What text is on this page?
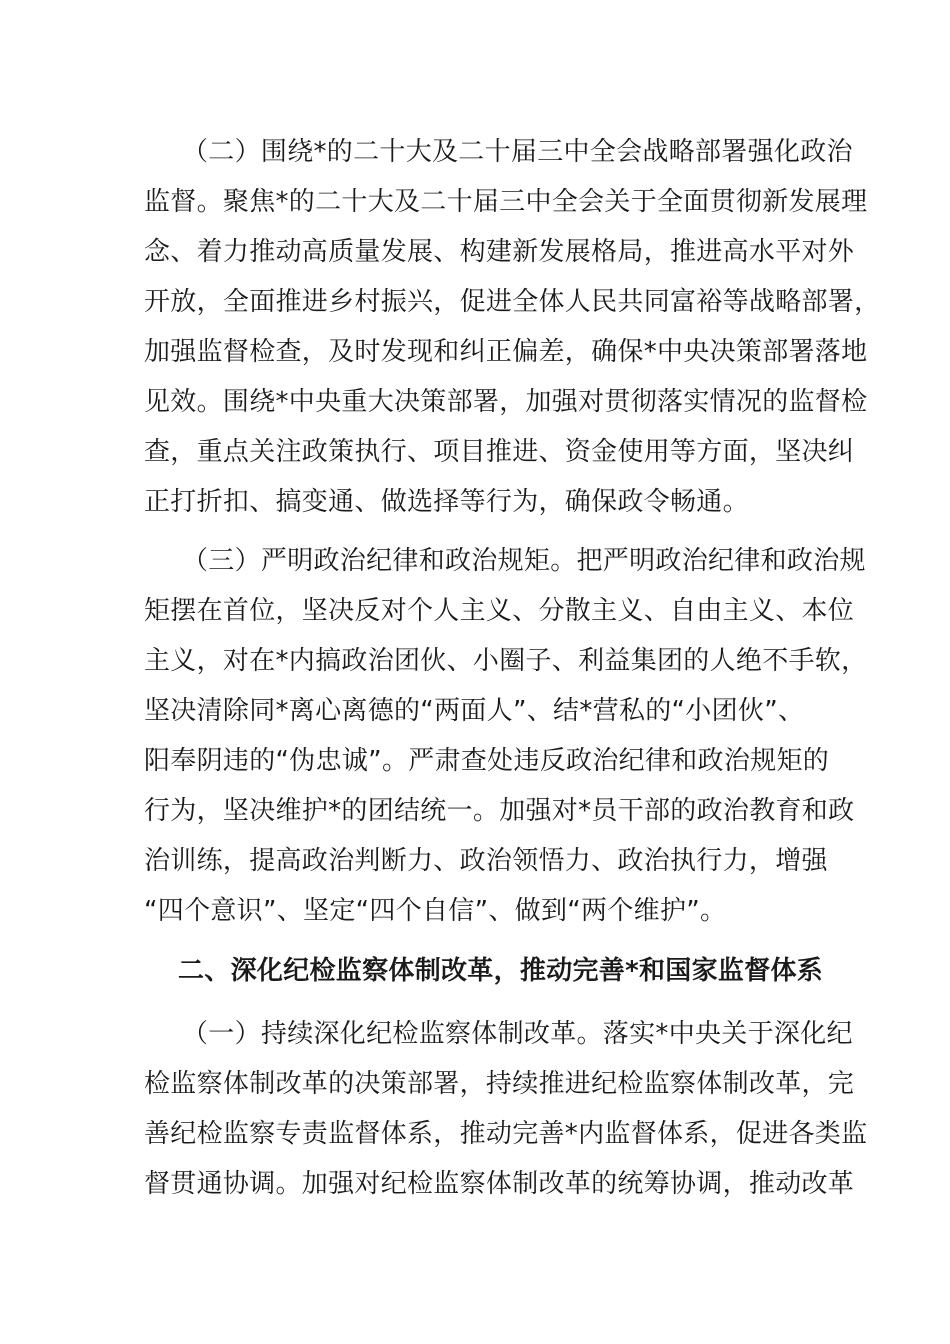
（二）围绕*的二十大及二十届三中全会战略部署强化政治
监督。聚焦*的二十大及二十届三中全会关于全面贯彻新发展理
念、着力推动高质量发展、构建新发展格局，推进高水平对外
开放，全面推进乡村振兴，促进全体人民共同富裕等战略部署，
加强监督检查，及时发现和纠正偏差，确保*中央决策部署落地
见效。围绕*中央重大决策部署，加强对贯彻落实情况的监督检
查，重点关注政策执行、项目推进、资金使用等方面，坚决纠
正打折扣、搞变通、做选择等行为，确保政令畅通。
（三）严明政治纪律和政治规矩。把严明政治纪律和政治规
矩摆在首位，坚决反对个人主义、分散主义、自由主义、本位
主义，对在*内搞政治团伙、小圈子、利益集团的人绝不手软，
坚决清除同*离心离德的“两面人”、结*营私的“小团伙”、
阳奉阴违的“伪忠诚”。严肃查处违反政治纪律和政治规矩的
行为，坚决维护*的团结统一。加强对*员干部的政治教育和政
治训练，提高政治判断力、政治领悟力、政治执行力，增强
“四个意识”、坚定“四个自信”、做到“两个维护”。
二、深化纪检监察体制改革，推动完善*和国家监督体系
（一）持续深化纪检监察体制改革。落实*中央关于深化纪
检监察体制改革的决策部署，持续推进纪检监察体制改革，完
善纪检监察专责监督体系，推动完善*内监督体系，促进各类监
督贯通协调。加强对纪检监察体制改革的统筹协调，推动改革
